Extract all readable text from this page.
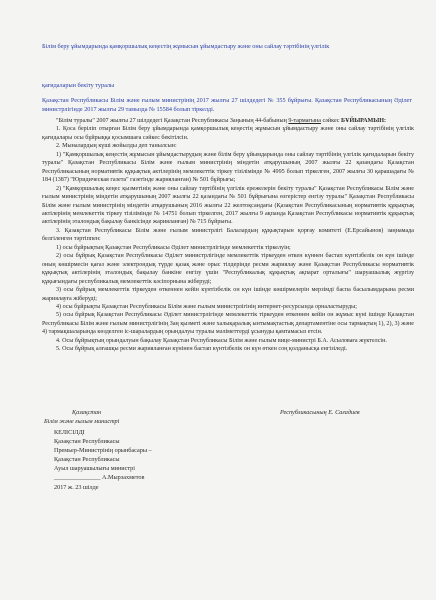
Білім беру ұйымдарында қамқоршылық кеңестің жұмысын ұйымдастыру және оны сайлау тәртібінің үлгілік
қағидаларын бекіту туралы
Қазақстан Республикасы Білім және ғылым министрінің 2017 жылғы 27 шілдедегі № 355 бұйрығы. Қазақстан Республикасының Әділет министрлігінде 2017 жылғы 29 тамызда № 15584 болып тіркелді.

"Білім туралы" 2007 жылғы 27 шілдедегі Қазақстан Республикасы Заңының 44-бабының 9-тармағына сәйкес БҰЙЫРАМЫН:

1. Қоса беріліп отырған Білім беру ұйымдарында қамқоршылық кеңестің жұмысын ұйымдастыру және оны сайлау тәртібінің үлгілік қағидалары осы бұйрыққа қосымшаға сәйкес бекітілсін.

2. Мыналардың күші жойылды деп танылсын:

1) "Қамқоршылық кеңестің жұмысын ұйымдастырудың және білім беру ұйымдарында оны сайлау тәртібінің үлгілік қағидаларын бекіту туралы" Қазақстан Республикасы Білім және ғылым министрінің міндетін атқарушының 2007 жылғы 22 қазандағы Қазақстан Республикасының нормативтік құқықтық актілерінің мемлекеттік тіркеу тізілімінде № 4995 болып тіркелген, 2007 жылғы 30 қарашадағы № 184 (1387) "Юридическая газета" газетінде жарияланған) № 501 бұйрығы;

2) "Қамқоршылық кеңес қызметінің және оны сайлау тәртібінің үлгілік ережелерін бекіту туралы" Қазақстан Республикасы Білім және ғылым министрінің міндетін атқарушының 2007 жылғы 22 қазандағы № 501 бұйрығына өзгерістер енгізу туралы" Қазақстан Республикасы Білім және ғылым министрінің міндетін атқарушының 2016 жылғы 22 желтоқсандағы (Қазақстан Республикасының нормативтік құқықтық актілерінің мемлекеттік тіркеу тізілімінде № 14751 болып тіркелген, 2017 жылғы 9 ақпанда Қазақстан Республикасы нормативтік құқықтық актілерінің эталондық бақылау банкісінде жарияланған) № 715 бұйрығы.

3. Қазақстан Республикасы Білім және ғылым министрлігі Балалардың құқықтарын қорғау комитеті (Е.Ерсайынов) заңнамада белгіленген тәртіппен:

1) осы бұйрықтың Қазақстан Республикасы Әділет министрлігінде мемлекеттік тіркелуін;

2) осы бұйрық Қазақстан Республикасы Әділет министрлігінде мемлекеттік тіркеуден өткен күннен бастап күнтізбелік он күн ішінде оның көшірмесін қағаз және электрондық түрде қазақ және орыс тілдерінде ресми жариялау және Қазақстан Республикасы нормативтік құқықтық актілерінің эталондық бақылау банкіне енгізу үшін "Республикалық құқықтық ақпарат орталығы" шаруашылық жүргізу құқығындағы республикалық мемлекеттік кәсіпорнына жіберуді;

3) осы бұйрық мемлекеттік тіркеуден өткеннен кейін күнтізбелік он күн ішінде көшірмелерін мерзімді баспа басылымдарына ресми жариялауға жіберуді;

4) осы бұйрықты Қазақстан Республикасы Білім және ғылым министрлігінің интернет-ресурсында орналастыруды;

5) осы бұйрық Қазақстан Республикасы Әділет министрлігінде мемлекеттік тіркеуден өткеннен кейін он жұмыс күні ішінде Қазақстан Республикасы Білім және ғылым министрлігінің Заң қызметі және халықаралық ынтымақтастық департаментіне осы тармақтың 1), 2), 3) және 4) тармақшаларында көзделген іс-шаралардың орындалуы туралы мәліметтерді ұсынуды қамтамасыз етсін.

4. Осы бұйрықтың орындалуын бақылау Қазақстан Республикасы Білім және ғылым вице-министрі Б.А. Асыловаға жүктелсін.

5. Осы бұйрық алғашқы ресми жарияланған күнінен бастап күнтізбелік он күн өткен соң қолданысқа енгізіледі.

Қазақстан	Республикасының Е. Сағадиев
Білім және ғылым министрі
КЕЛІСІЛДІ
Қазақстан Республикасы
Премьер-Министрінің орынбасары –
Қазақстан Республикасы
Ауыл шаруашылығы министрі
_______________ А.Мырзахметов
2017 ж. 23 шілде
